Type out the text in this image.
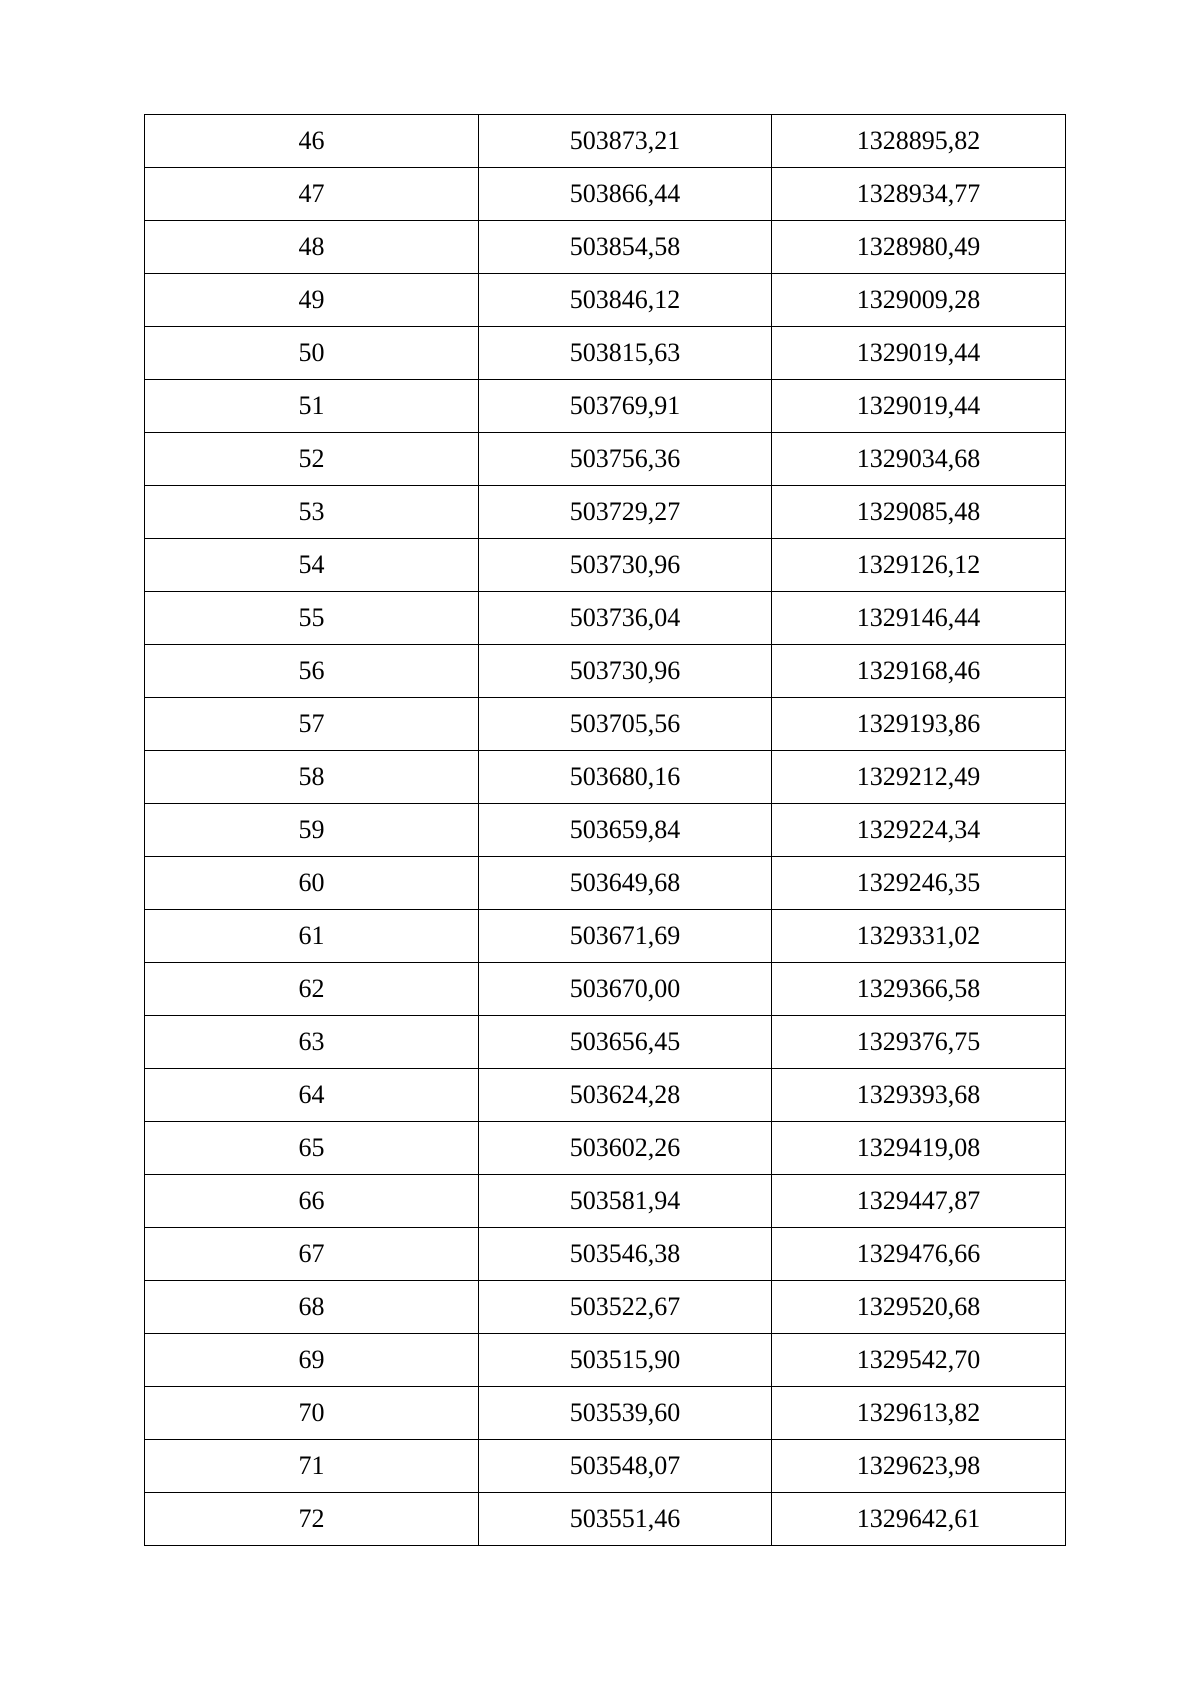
46	503873,21	1328895,82
47	503866,44	1328934,77
48	503854,58	1328980,49
49	503846,12	1329009,28
50	503815,63	1329019,44
51	503769,91	1329019,44
52	503756,36	1329034,68
53	503729,27	1329085,48
54	503730,96	1329126,12
55	503736,04	1329146,44
56	503730,96	1329168,46
57	503705,56	1329193,86
58	503680,16	1329212,49
59	503659,84	1329224,34
60	503649,68	1329246,35
61	503671,69	1329331,02
62	503670,00	1329366,58
63	503656,45	1329376,75
64	503624,28	1329393,68
65	503602,26	1329419,08
66	503581,94	1329447,87
67	503546,38	1329476,66
68	503522,67	1329520,68
69	503515,90	1329542,70
70	503539,60	1329613,82
71	503548,07	1329623,98
72	503551,46	1329642,61
